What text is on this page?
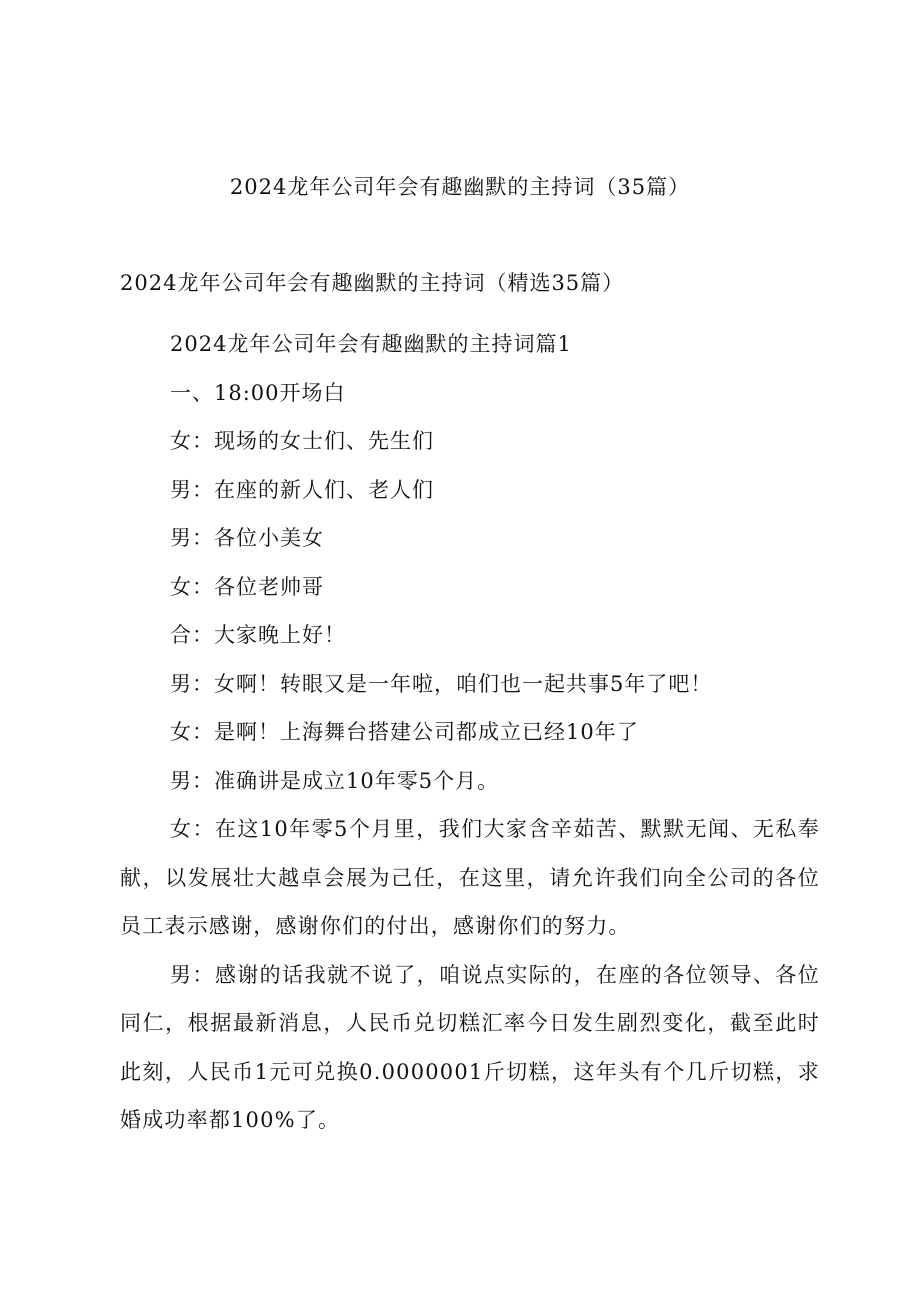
2024龙年公司年会有趣幽默的主持词（35篇）

2024龙年公司年会有趣幽默的主持词（精选35篇）

2024龙年公司年会有趣幽默的主持词篇1

一、18:00开场白

女：现场的女士们、先生们

男：在座的新人们、老人们

男：各位小美女

女：各位老帅哥

合：大家晚上好！

男：女啊！转眼又是一年啦，咱们也一起共事5年了吧！

女：是啊！上海舞台搭建公司都成立已经10年了

男：准确讲是成立10年零5个月。

女：在这10年零5个月里，我们大家含辛茹苦、默默无闻、无私奉献，以发展壮大越卓会展为己任，在这里，请允许我们向全公司的各位员工表示感谢，感谢你们的付出，感谢你们的努力。

男：感谢的话我就不说了，咱说点实际的，在座的各位领导、各位同仁，根据最新消息，人民币兑切糕汇率今日发生剧烈变化，截至此时此刻，人民币1元可兑换0.0000001斤切糕，这年头有个几斤切糕，求婚成功率都100%了。
